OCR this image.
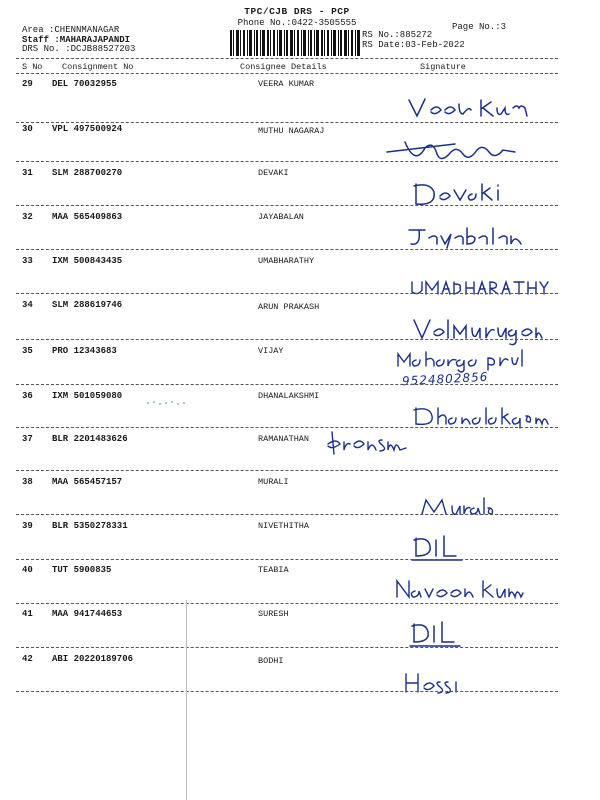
Area :CHENNMANAGAR
Staff :MAHARAJAPANDI
DRS No. :DCJB88527203
TPC/CJB DRS - PCP
Phone No.:0422-3505555	Page No.:3
RS No.:885272
RS Date:03-Feb-2022
S No Consignment No	Consignee Details	Signature
29 DEL 70032955	VEERA KUMAR
30 VPL 497500924	MUTHU NAGARAJ
31 SLM 288700270	DEVAKI
32 MAA 565409863	JAYABALAN
33 IXM 500843435	UMABHARATHY
34 SLM 288619746	ARUN PRAKASH
35 PRO 12343683	VIJAY
9524802856
36 IXM 501059080	DHANALAKSHMI
37 BLR 2201483626	RAMANATHAN
38 MAA 565457157	MURALI
39 BLR 5350278331	NIVETHITHA
40 TUT 5900835	TEABIA
41 MAA 941744653	SURESH
42 ABI 20220189706	BODHI
